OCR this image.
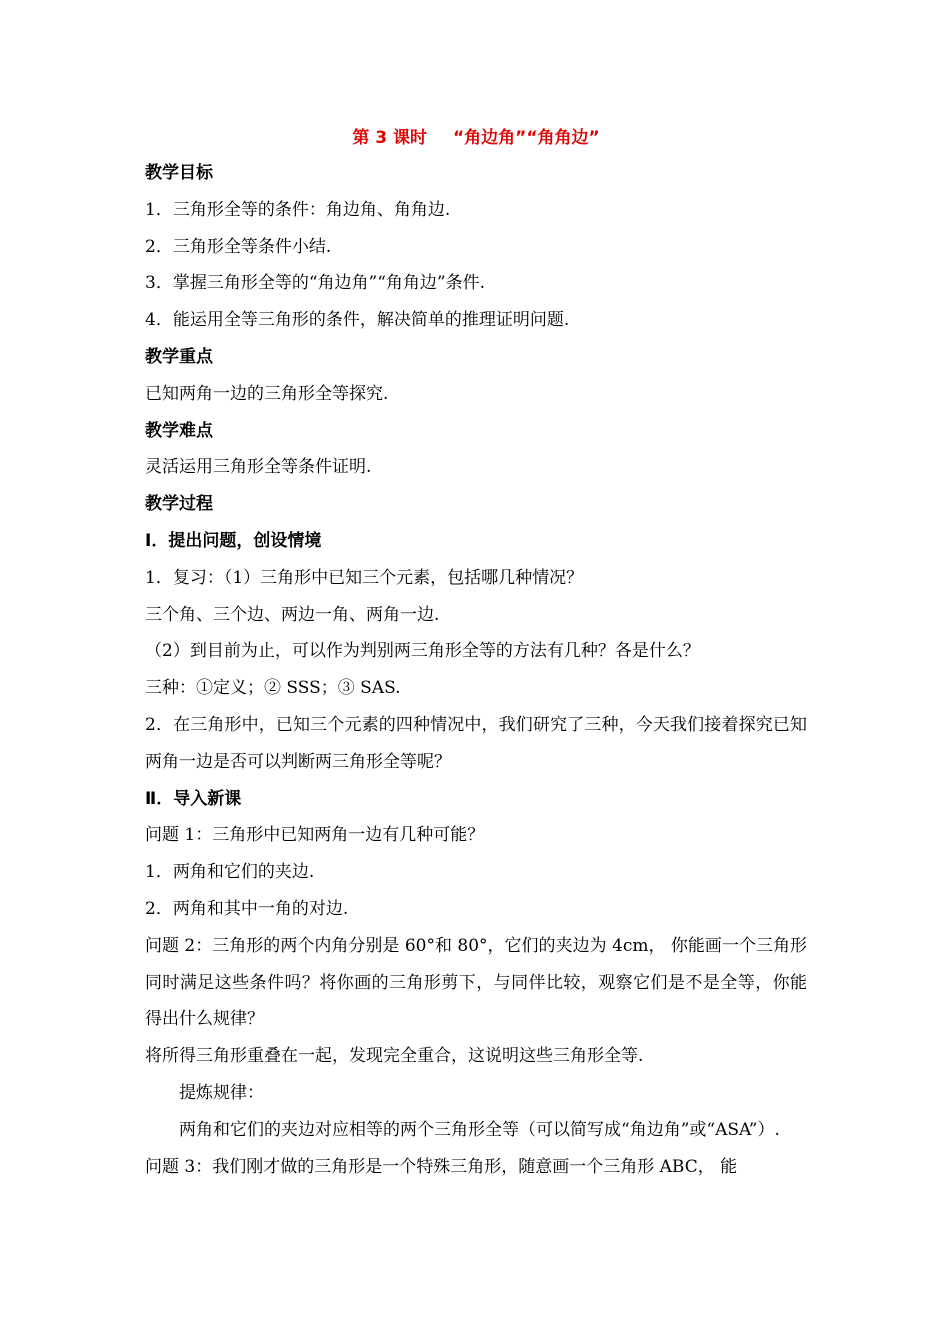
第 3 课时 “角边角”“角角边”

教学目标

1．三角形全等的条件：角边角、角角边.

2．三角形全等条件小结.

3．掌握三角形全等的“角边角”“角角边”条件.

4．能运用全等三角形的条件，解决简单的推理证明问题.

教学重点

已知两角一边的三角形全等探究.

教学难点

灵活运用三角形全等条件证明.

教学过程

Ⅰ．提出问题，创设情境

1．复习：（1）三角形中已知三个元素，包括哪几种情况？

三个角、三个边、两边一角、两角一边.

（2）到目前为止，可以作为判别两三角形全等的方法有几种？各是什么？

三种：①定义；② SSS；③ SAS.

2．在三角形中，已知三个元素的四种情况中，我们研究了三种，今天我们接着探究已知两角一边是否可以判断两三角形全等呢？

Ⅱ．导入新课

问题 1：三角形中已知两角一边有几种可能？

1．两角和它们的夹边.

2．两角和其中一角的对边.

问题 2：三角形的两个内角分别是 60°和 80°，它们的夹边为 4cm， 你能画一个三角形同时满足这些条件吗？将你画的三角形剪下，与同伴比较，观察它们是不是全等，你能得出什么规律？

将所得三角形重叠在一起，发现完全重合，这说明这些三角形全等.

提炼规律：

两角和它们的夹边对应相等的两个三角形全等（可以简写成“角边角”或“ASA”）.

问题 3：我们刚才做的三角形是一个特殊三角形，随意画一个三角形 ABC， 能
